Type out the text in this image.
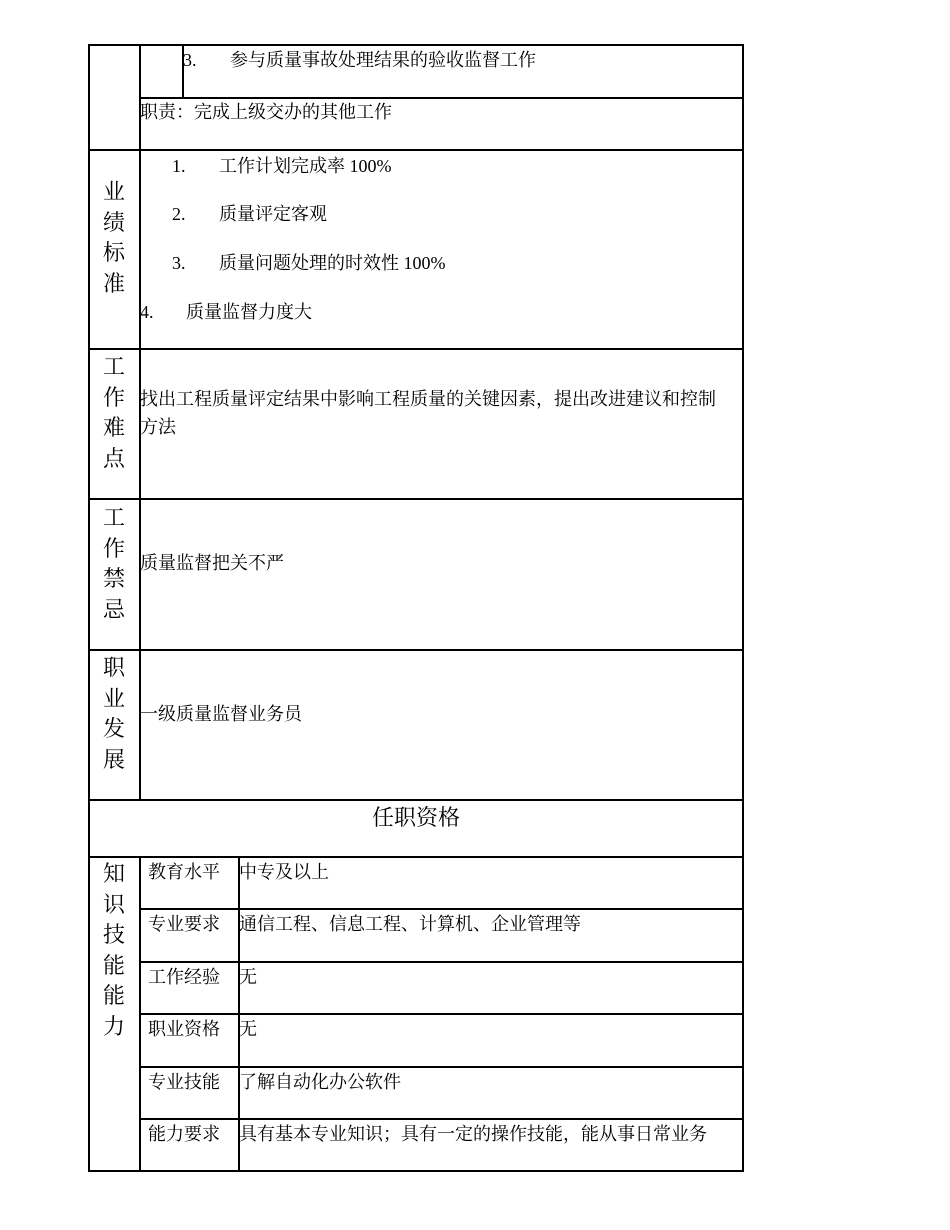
3. 参与质量事故处理结果的验收监督工作
职责：完成上级交办的其他工作
业
绩
标
准
1. 工作计划完成率 100%
2. 质量评定客观
3. 质量问题处理的时效性 100%
4. 质量监督力度大
工
作
难
点
找出工程质量评定结果中影响工程质量的关键因素，提出改进建议和控制方法
工
作
禁
忌
质量监督把关不严
职
业
发
展
一级质量监督业务员
任职资格
知
识
技
能
能
力
教育水平 中专及以上
专业要求 通信工程、信息工程、计算机、企业管理等
工作经验 无
职业资格 无
专业技能 了解自动化办公软件
能力要求 具有基本专业知识；具有一定的操作技能，能从事日常业务
